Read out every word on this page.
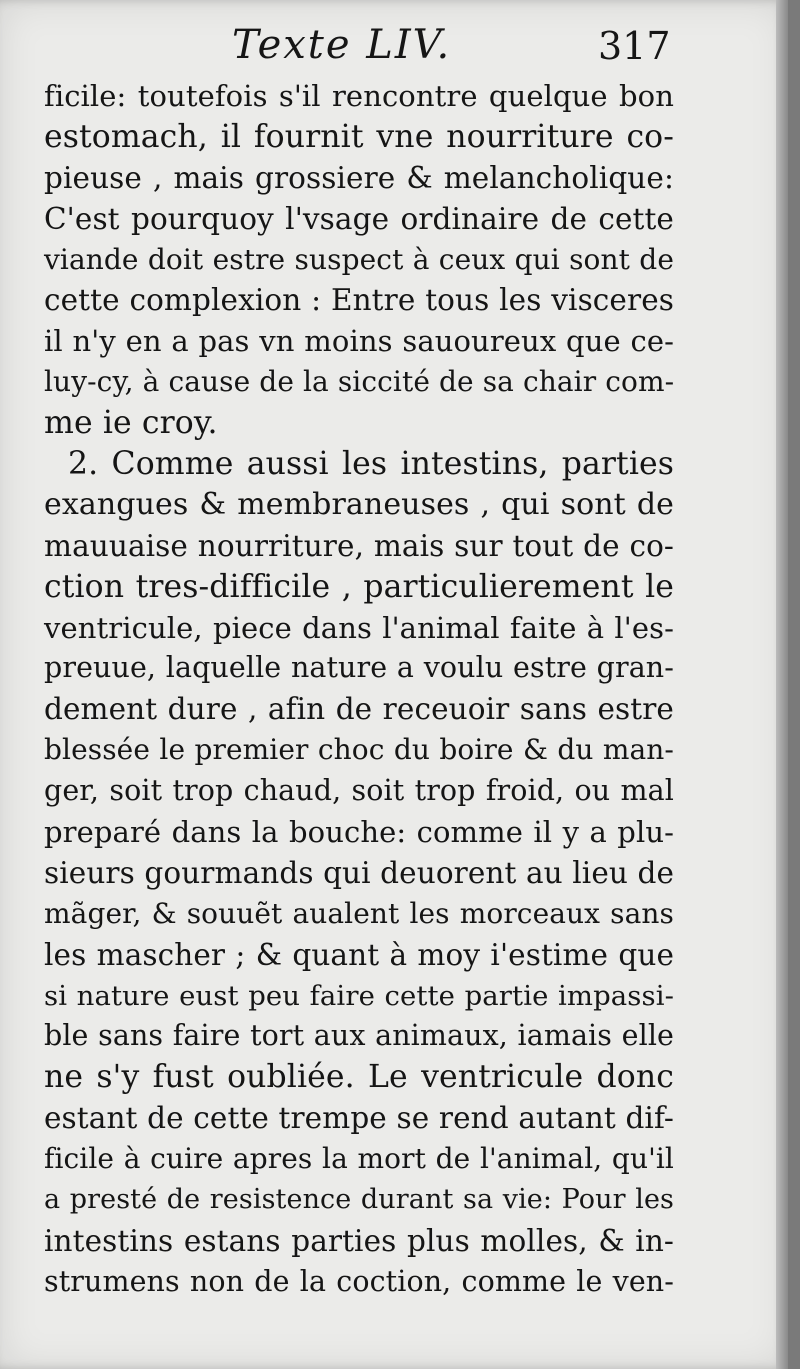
Texte LIV.	317
ficile: toutefois s'il rencontre quelque bon
estomach, il fournit vne nourriture co-
pieuse , mais grossiere & melancholique:
C'est pourquoy l'vsage ordinaire de cette
viande doit estre suspect à ceux qui sont de
cette complexion : Entre tous les visceres
il n'y en a pas vn moins sauoureux que ce-
luy-cy, à cause de la siccité de sa chair com-
me ie croy.
2. Comme aussi les intestins, parties
exangues & membraneuses , qui sont de
mauuaise nourriture, mais sur tout de co-
ction tres-difficile , particulierement le
ventricule, piece dans l'animal faite à l'es-
preuue, laquelle nature a voulu estre gran-
dement dure , afin de receuoir sans estre
blessée le premier choc du boire & du man-
ger, soit trop chaud, soit trop froid, ou mal
preparé dans la bouche: comme il y a plu-
sieurs gourmands qui deuorent au lieu de
mãger, & souuẽt aualent les morceaux sans
les mascher ; & quant à moy i'estime que
si nature eust peu faire cette partie impassi-
ble sans faire tort aux animaux, iamais elle
ne s'y fust oubliée. Le ventricule donc
estant de cette trempe se rend autant dif-
ficile à cuire apres la mort de l'animal, qu'il
a presté de resistence durant sa vie: Pour les
intestins estans parties plus molles, & in-
strumens non de la coction, comme le ven-
